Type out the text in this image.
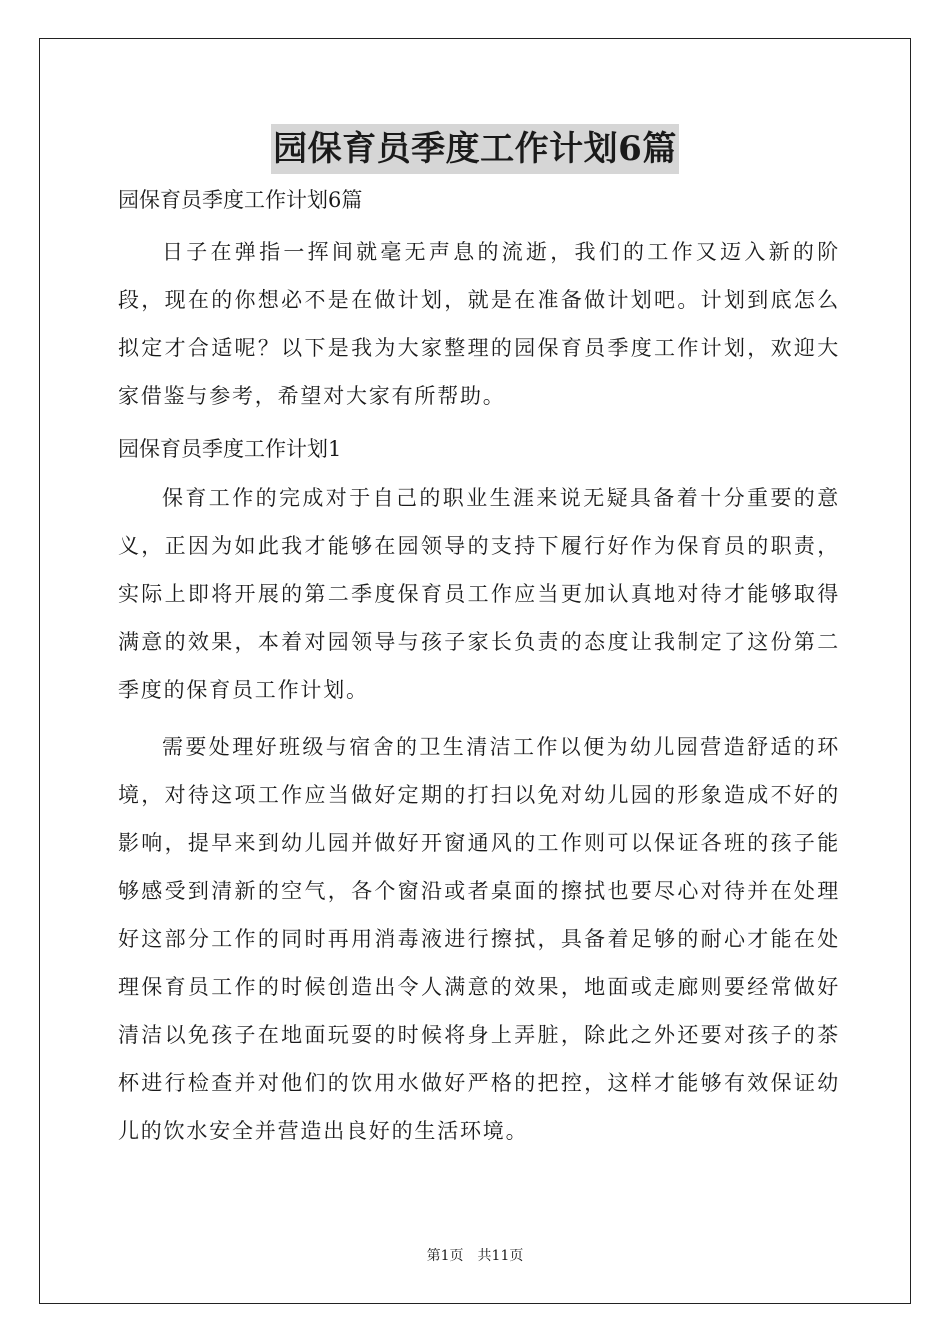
园保育员季度工作计划6篇
园保育员季度工作计划6篇

日子在弹指一挥间就毫无声息的流逝，我们的工作又迈入新的阶段，现在的你想必不是在做计划，就是在准备做计划吧。计划到底怎么拟定才合适呢？以下是我为大家整理的园保育员季度工作计划，欢迎大家借鉴与参考，希望对大家有所帮助。

园保育员季度工作计划1

保育工作的完成对于自己的职业生涯来说无疑具备着十分重要的意义，正因为如此我才能够在园领导的支持下履行好作为保育员的职责，实际上即将开展的第二季度保育员工作应当更加认真地对待才能够取得满意的效果，本着对园领导与孩子家长负责的态度让我制定了这份第二季度的保育员工作计划。

需要处理好班级与宿舍的卫生清洁工作以便为幼儿园营造舒适的环境，对待这项工作应当做好定期的打扫以免对幼儿园的形象造成不好的影响，提早来到幼儿园并做好开窗通风的工作则可以保证各班的孩子能够感受到清新的空气，各个窗沿或者桌面的擦拭也要尽心对待并在处理好这部分工作的同时再用消毒液进行擦拭，具备着足够的耐心才能在处理保育员工作的时候创造出令人满意的效果，地面或走廊则要经常做好清洁以免孩子在地面玩耍的时候将身上弄脏，除此之外还要对孩子的茶杯进行检查并对他们的饮用水做好严格的把控，这样才能够有效保证幼儿的饮水安全并营造出良好的生活环境。

第1页　共11页
